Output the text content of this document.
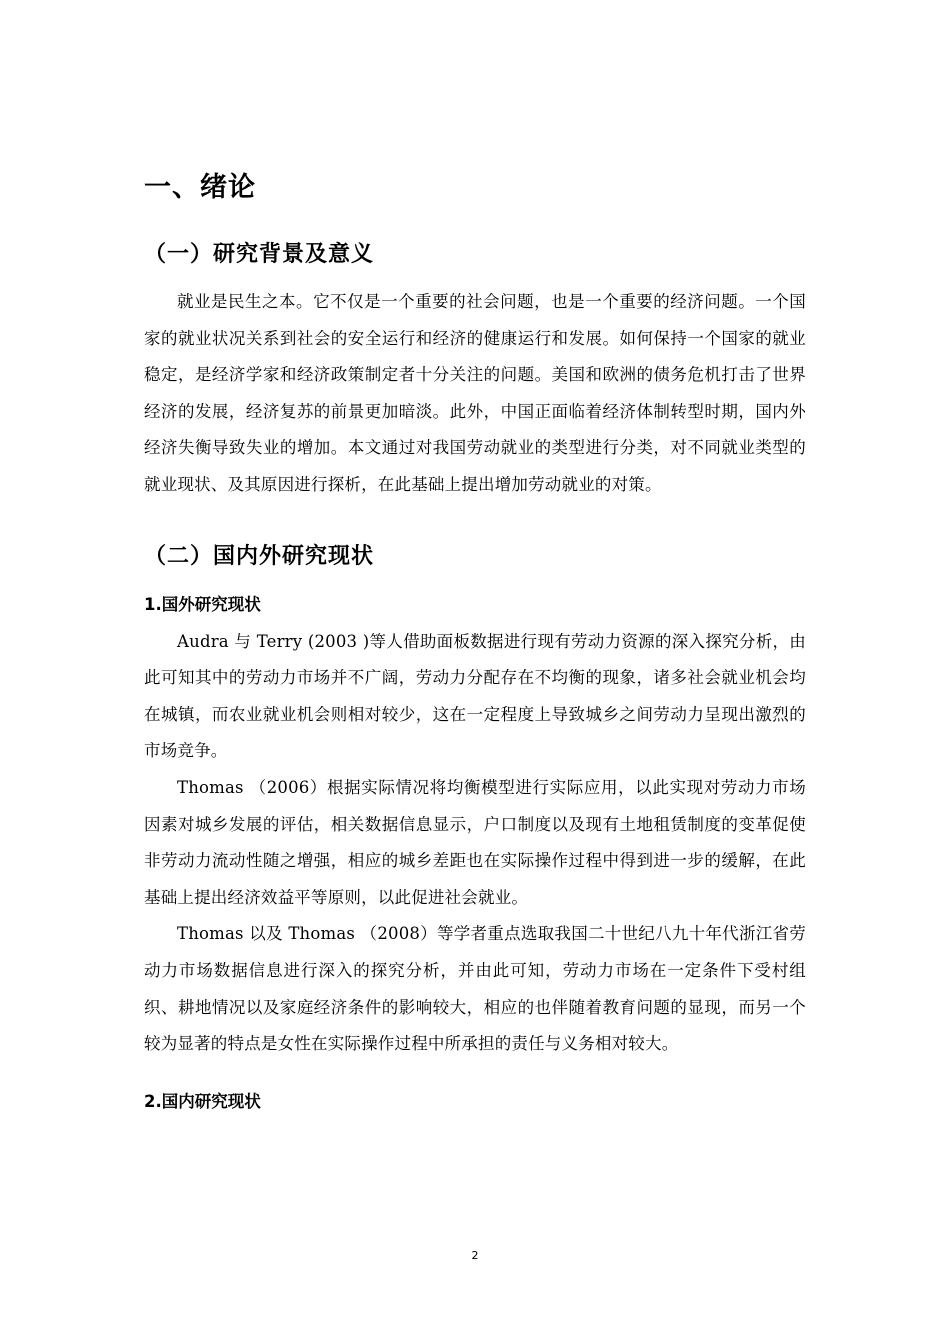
一、绪论
（一）研究背景及意义

就业是民生之本。它不仅是一个重要的社会问题，也是一个重要的经济问题。一个国家的就业状况关系到社会的安全运行和经济的健康运行和发展。如何保持一个国家的就业稳定，是经济学家和经济政策制定者十分关注的问题。美国和欧洲的债务危机打击了世界经济的发展，经济复苏的前景更加暗淡。此外，中国正面临着经济体制转型时期，国内外经济失衡导致失业的增加。本文通过对我国劳动就业的类型进行分类，对不同就业类型的就业现状、及其原因进行探析，在此基础上提出增加劳动就业的对策。

（二）国内外研究现状
1.国外研究现状

Audra 与 Terry (2003 )等人借助面板数据进行现有劳动力资源的深入探究分析，由此可知其中的劳动力市场并不广阔，劳动力分配存在不均衡的现象，诸多社会就业机会均在城镇，而农业就业机会则相对较少，这在一定程度上导致城乡之间劳动力呈现出激烈的市场竞争。

Thomas （2006）根据实际情况将均衡模型进行实际应用，以此实现对劳动力市场因素对城乡发展的评估，相关数据信息显示，户口制度以及现有土地租赁制度的变革促使非劳动力流动性随之增强，相应的城乡差距也在实际操作过程中得到进一步的缓解，在此基础上提出经济效益平等原则，以此促进社会就业。

Thomas 以及 Thomas （2008）等学者重点选取我国二十世纪八九十年代浙江省劳动力市场数据信息进行深入的探究分析，并由此可知，劳动力市场在一定条件下受村组织、耕地情况以及家庭经济条件的影响较大，相应的也伴随着教育问题的显现，而另一个较为显著的特点是女性在实际操作过程中所承担的责任与义务相对较大。

2.国内研究现状
2
